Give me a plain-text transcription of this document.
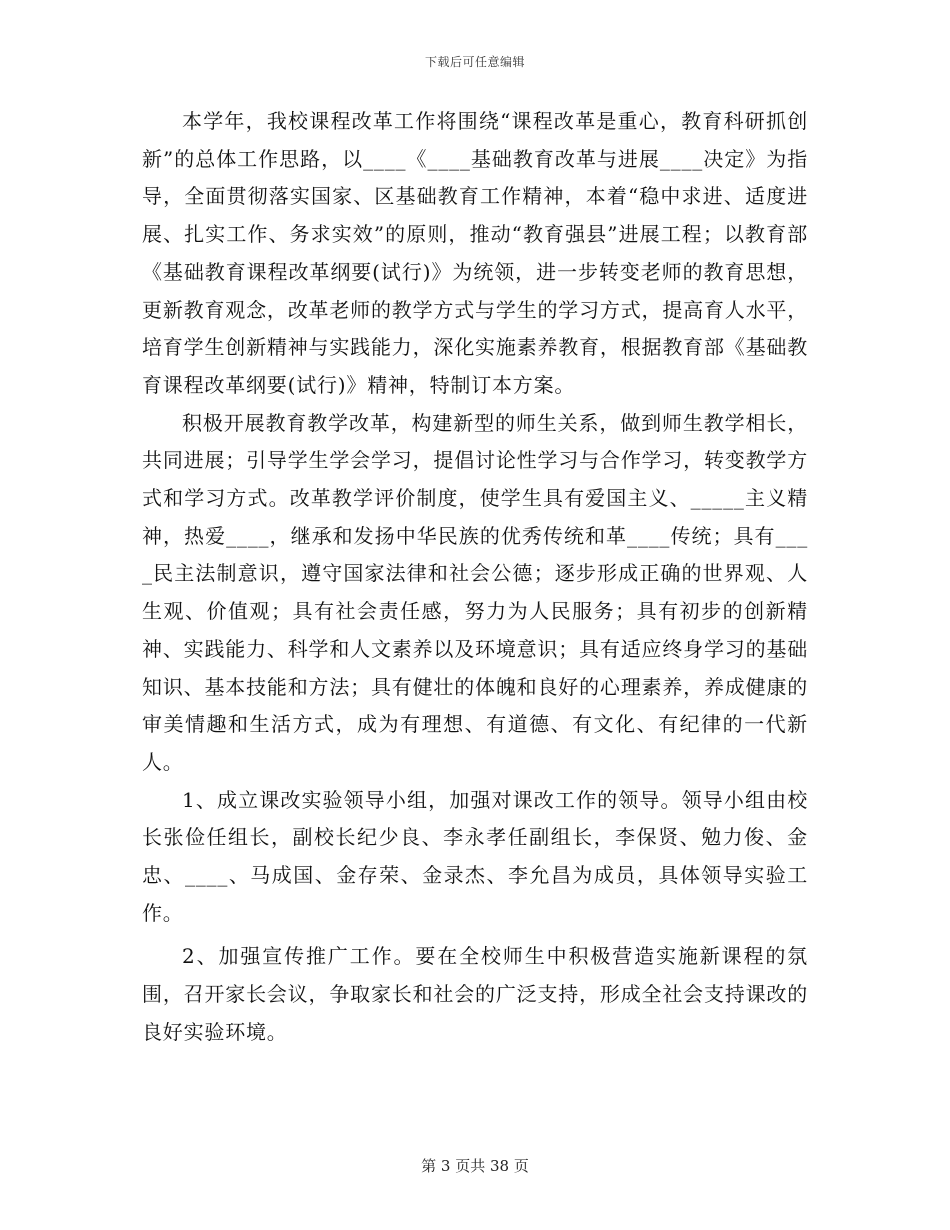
下载后可任意编辑

本学年，我校课程改革工作将围绕“课程改革是重心，教育科研抓创新”的总体工作思路，以____《____基础教育改革与进展____决定》为指导，全面贯彻落实国家、区基础教育工作精神，本着“稳中求进、适度进展、扎实工作、务求实效”的原则，推动“教育强县”进展工程；以教育部《基础教育课程改革纲要(试行)》为统领，进一步转变老师的教育思想，更新教育观念，改革老师的教学方式与学生的学习方式，提高育人水平，培育学生创新精神与实践能力，深化实施素养教育，根据教育部《基础教育课程改革纲要(试行)》精神，特制订本方案。

积极开展教育教学改革，构建新型的师生关系，做到师生教学相长，共同进展；引导学生学会学习，提倡讨论性学习与合作学习，转变教学方式和学习方式。改革教学评价制度，使学生具有爱国主义、_____主义精神，热爱____，继承和发扬中华民族的优秀传统和革____传统；具有____民主法制意识，遵守国家法律和社会公德；逐步形成正确的世界观、人生观、价值观；具有社会责任感，努力为人民服务；具有初步的创新精神、实践能力、科学和人文素养以及环境意识；具有适应终身学习的基础知识、基本技能和方法；具有健壮的体魄和良好的心理素养，养成健康的审美情趣和生活方式，成为有理想、有道德、有文化、有纪律的一代新人。

1、成立课改实验领导小组，加强对课改工作的领导。领导小组由校长张俭任组长，副校长纪少良、李永孝任副组长，李保贤、勉力俊、金忠、____、马成国、金存荣、金录杰、李允昌为成员，具体领导实验工作。

2、加强宣传推广工作。要在全校师生中积极营造实施新课程的氛围，召开家长会议，争取家长和社会的广泛支持，形成全社会支持课改的良好实验环境。

第 3 页共 38 页
